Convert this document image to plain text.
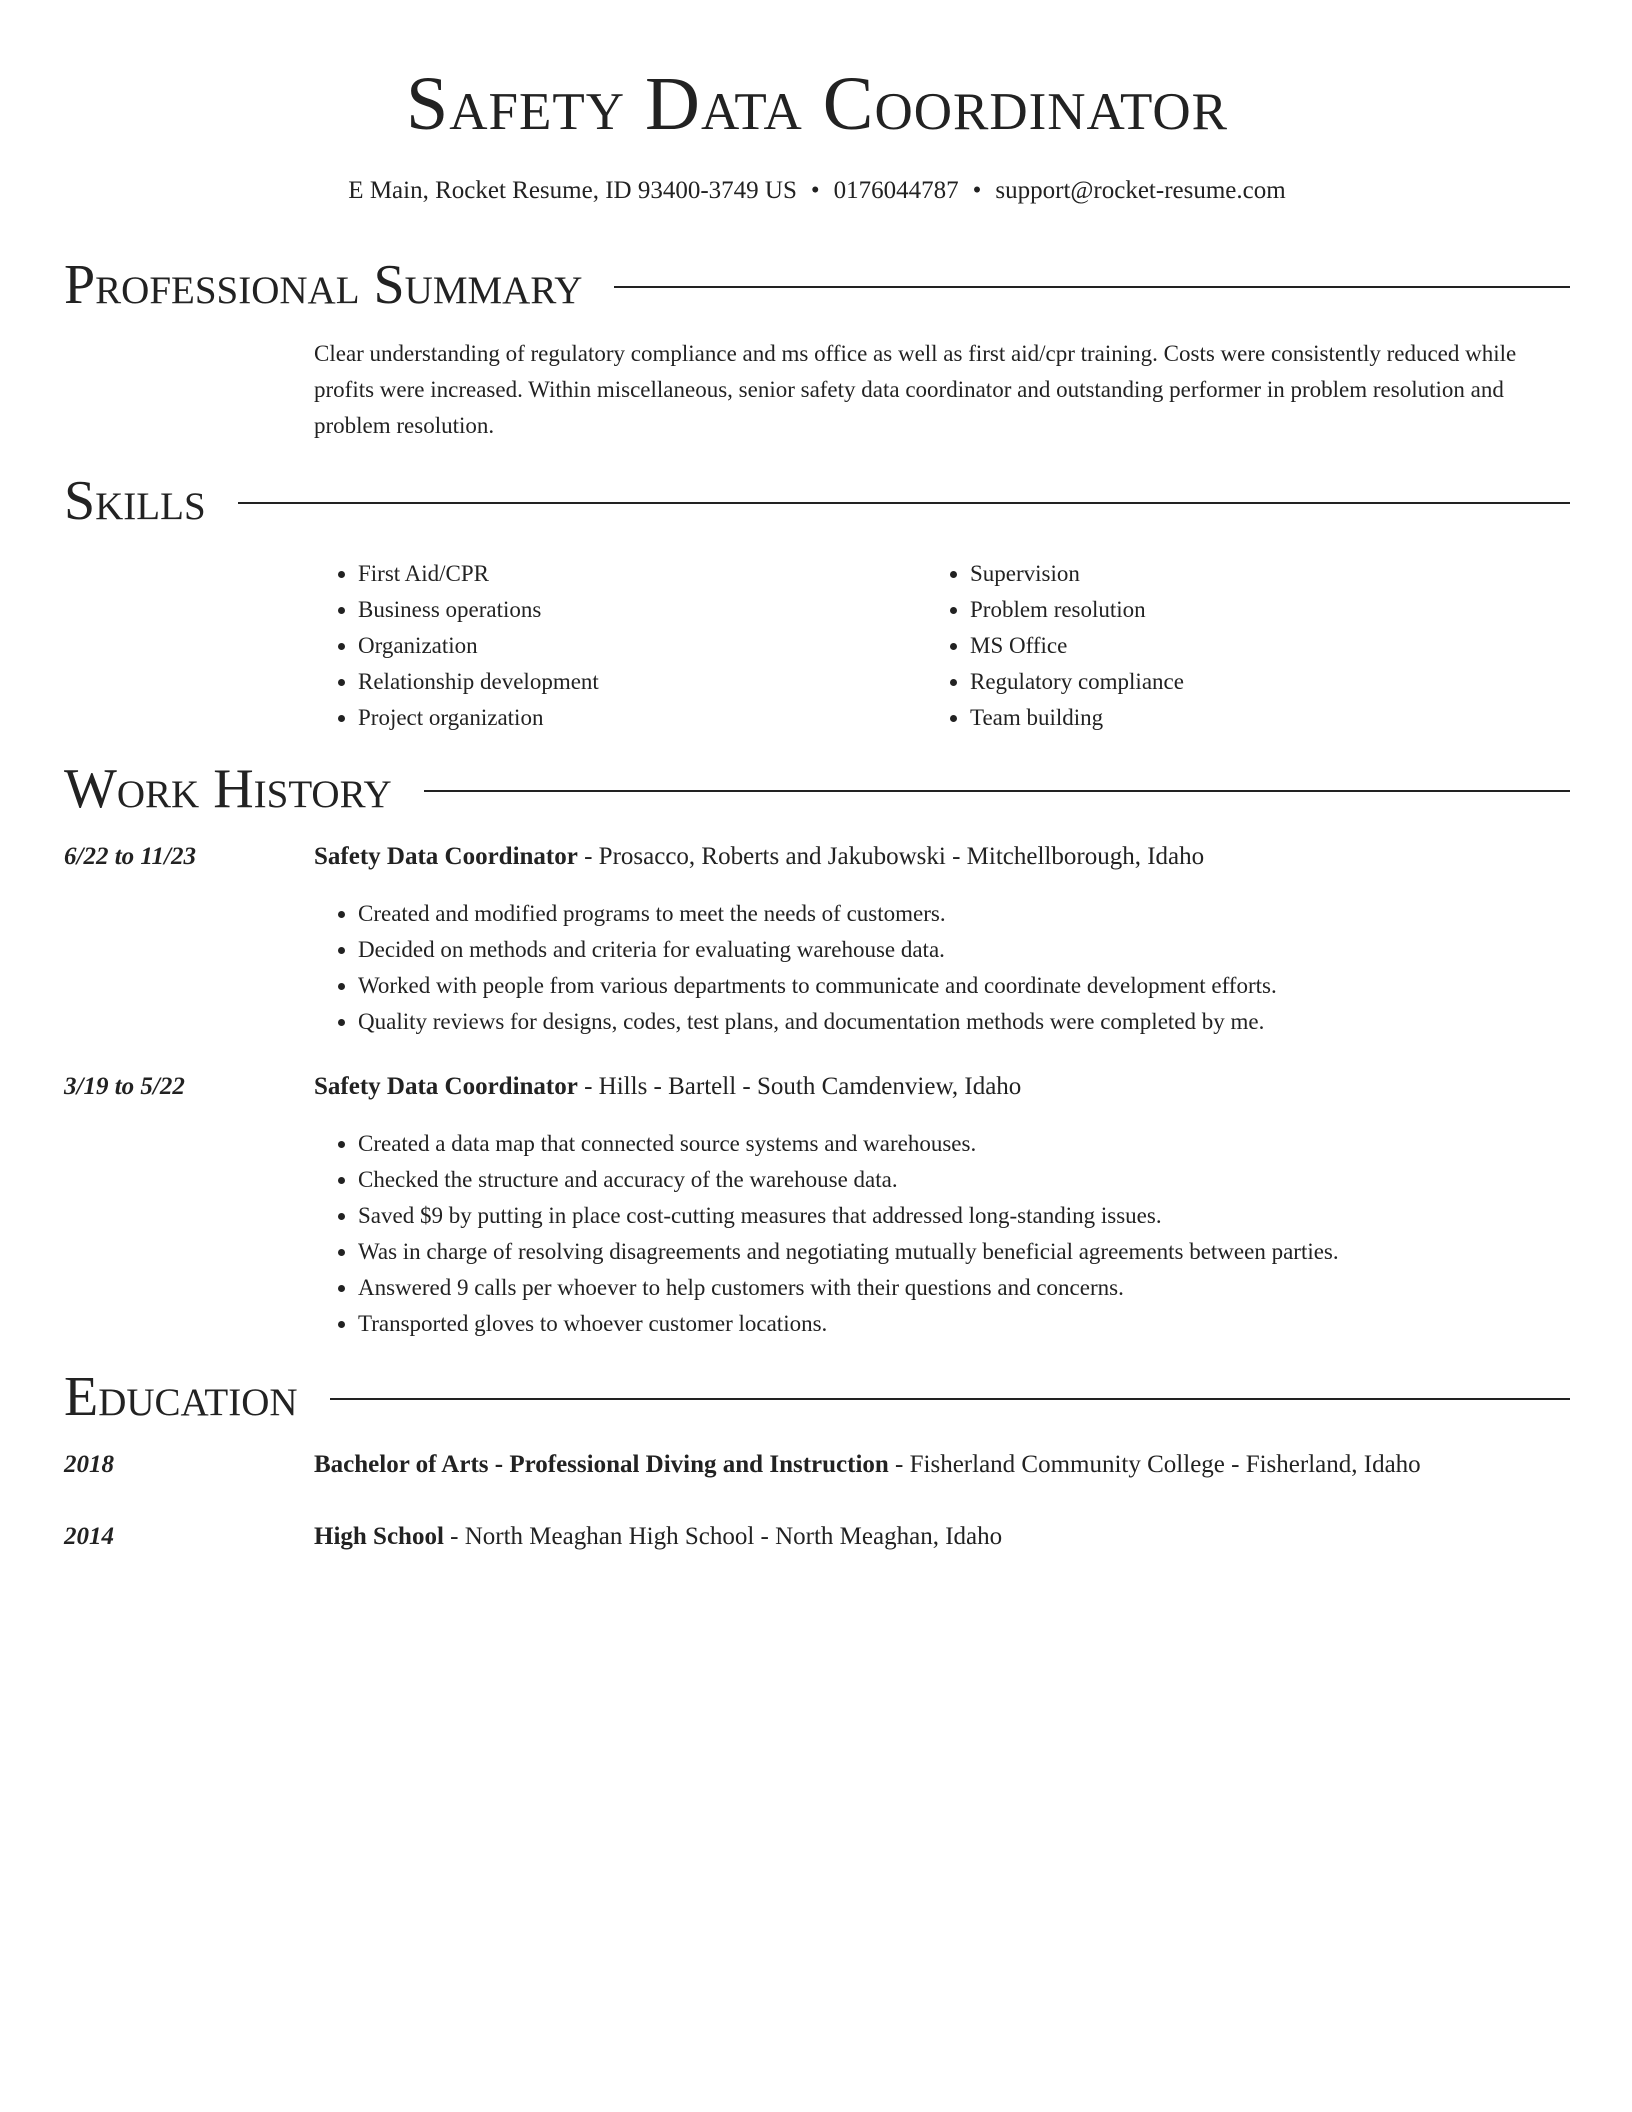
Safety Data Coordinator
E Main, Rocket Resume, ID 93400-3749 US • 0176044787 • support@rocket-resume.com
Professional Summary
Clear understanding of regulatory compliance and ms office as well as first aid/cpr training. Costs were consistently reduced while profits were increased. Within miscellaneous, senior safety data coordinator and outstanding performer in problem resolution and problem resolution.
Skills
• First Aid/CPR
• Business operations
• Organization
• Relationship development
• Project organization
• Supervision
• Problem resolution
• MS Office
• Regulatory compliance
• Team building
Work History
6/22 to 11/23	Safety Data Coordinator - Prosacco, Roberts and Jakubowski - Mitchellborough, Idaho
• Created and modified programs to meet the needs of customers.
• Decided on methods and criteria for evaluating warehouse data.
• Worked with people from various departments to communicate and coordinate development efforts.
• Quality reviews for designs, codes, test plans, and documentation methods were completed by me.
3/19 to 5/22	Safety Data Coordinator - Hills - Bartell - South Camdenview, Idaho
• Created a data map that connected source systems and warehouses.
• Checked the structure and accuracy of the warehouse data.
• Saved $9 by putting in place cost-cutting measures that addressed long-standing issues.
• Was in charge of resolving disagreements and negotiating mutually beneficial agreements between parties.
• Answered 9 calls per whoever to help customers with their questions and concerns.
• Transported gloves to whoever customer locations.
Education
2018	Bachelor of Arts - Professional Diving and Instruction - Fisherland Community College - Fisherland, Idaho
2014	High School - North Meaghan High School - North Meaghan, Idaho
